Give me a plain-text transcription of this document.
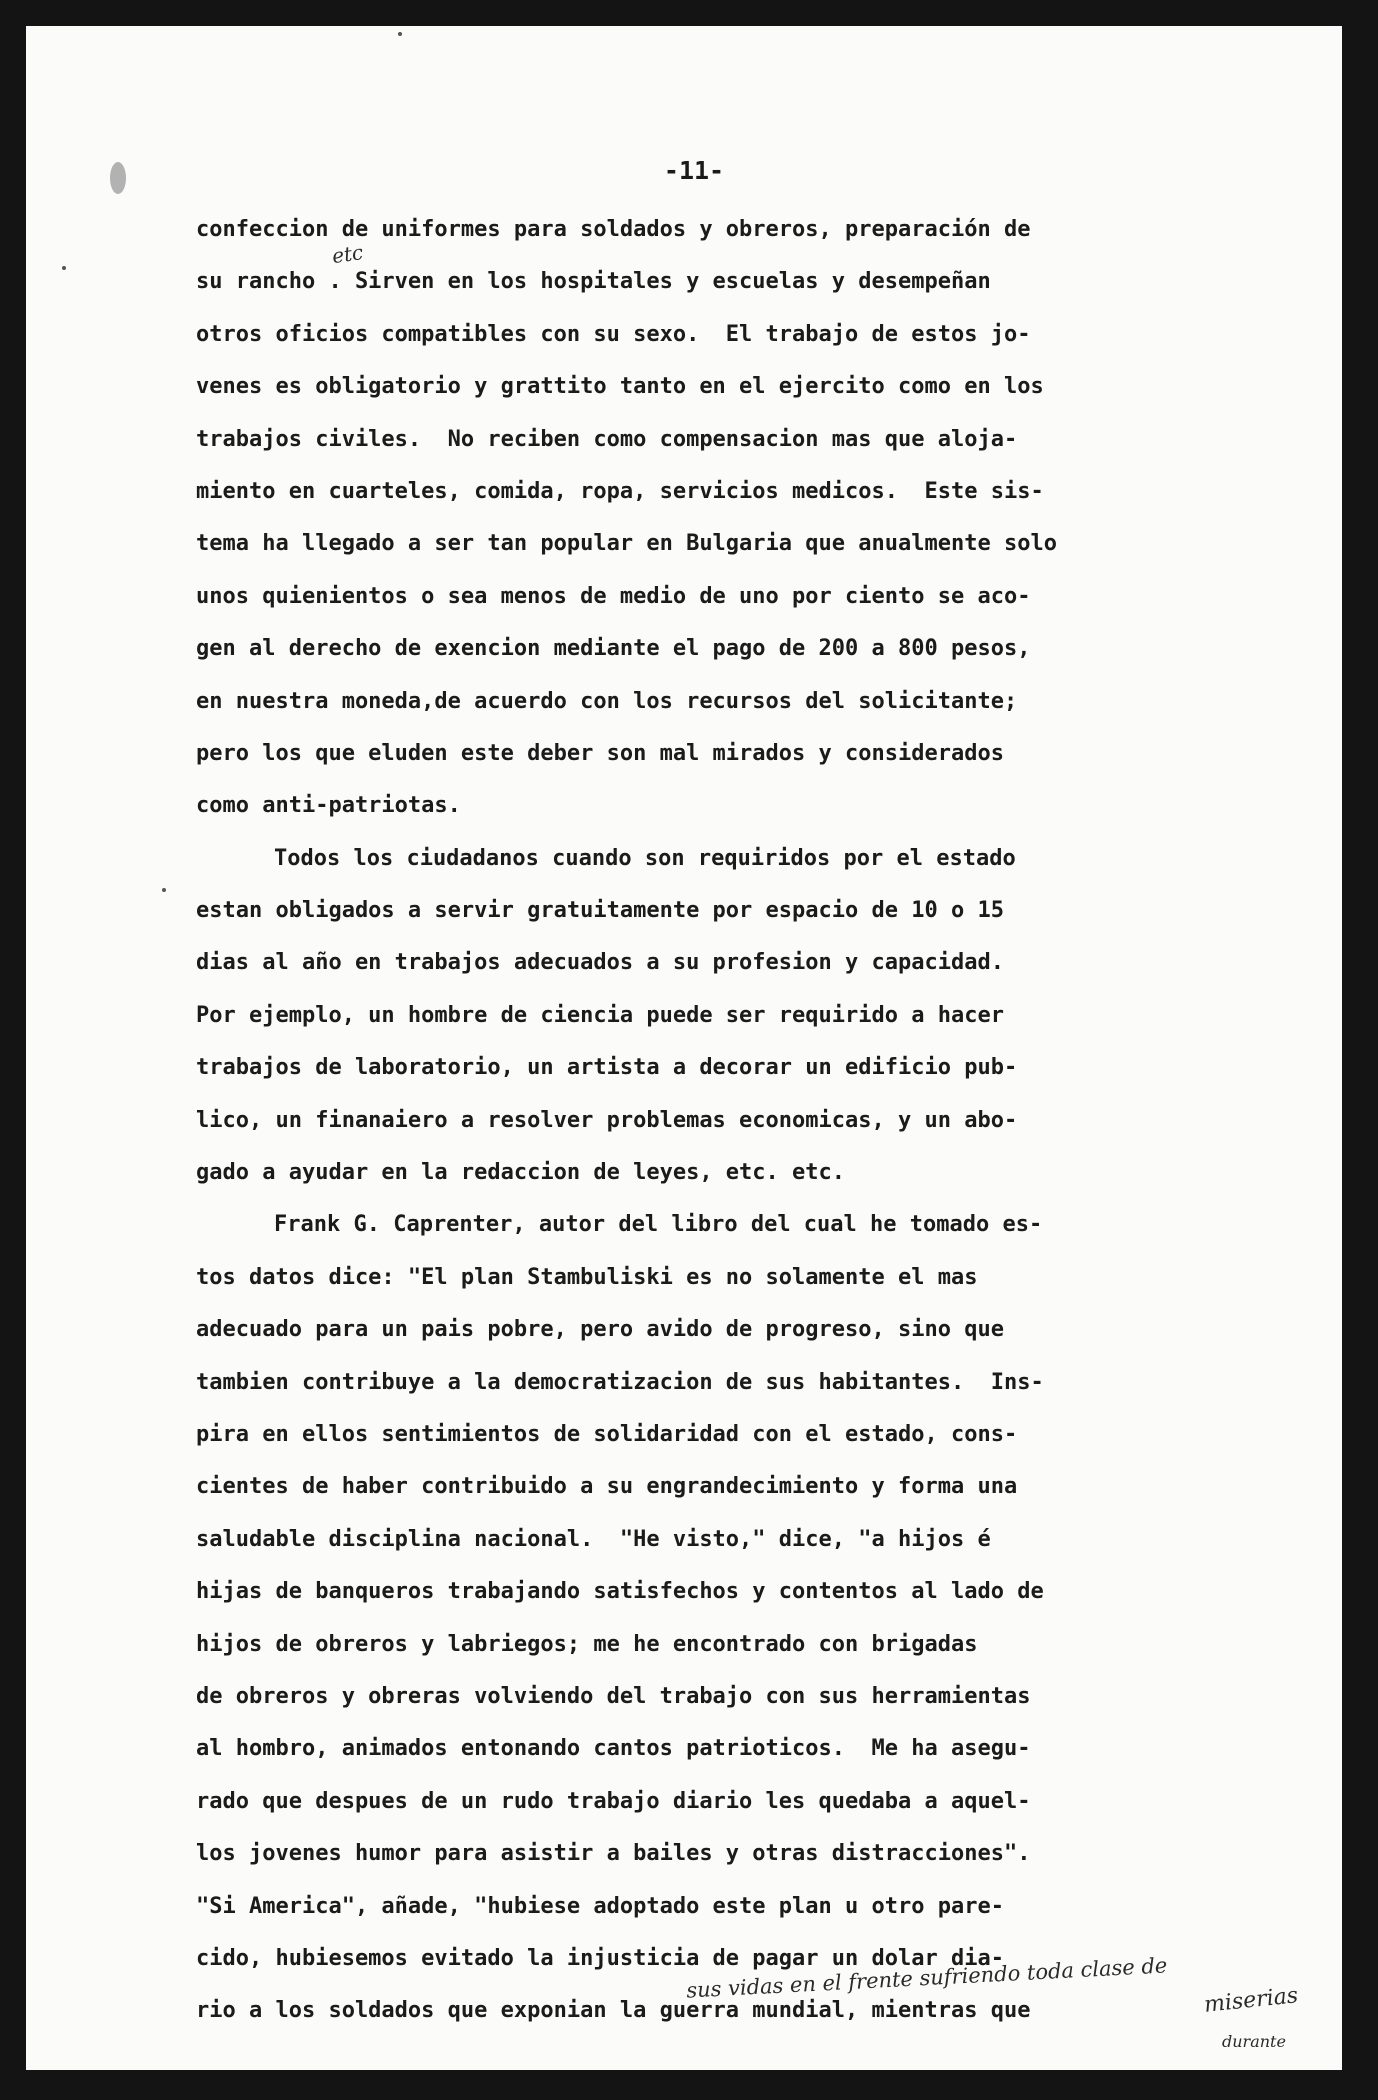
-11-
confeccion de uniformes para soldados y obreros, preparación de
su rancho . Sirven en los hospitales y escuelas y desempeñan
otros oficios compatibles con su sexo.  El trabajo de estos jo-
venes es obligatorio y grattito tanto en el ejercito como en los
trabajos civiles.  No reciben como compensacion mas que aloja-
miento en cuarteles, comida, ropa, servicios medicos.  Este sis-
tema ha llegado a ser tan popular en Bulgaria que anualmente solo
unos quienientos o sea menos de medio de uno por ciento se aco-
gen al derecho de exencion mediante el pago de 200 a 800 pesos,
en nuestra moneda,de acuerdo con los recursos del solicitante;
pero los que eluden este deber son mal mirados y considerados
como anti-patriotas.
Todos los ciudadanos cuando son requiridos por el estado
estan obligados a servir gratuitamente por espacio de 10 o 15
dias al año en trabajos adecuados a su profesion y capacidad.
Por ejemplo, un hombre de ciencia puede ser requirido a hacer
trabajos de laboratorio, un artista a decorar un edificio pub-
lico, un finanaiero a resolver problemas economicas, y un abo-
gado a ayudar en la redaccion de leyes, etc. etc.
Frank G. Caprenter, autor del libro del cual he tomado es-
tos datos dice: "El plan Stambuliski es no solamente el mas
adecuado para un pais pobre, pero avido de progreso, sino que
tambien contribuye a la democratizacion de sus habitantes.  Ins-
pira en ellos sentimientos de solidaridad con el estado, cons-
cientes de haber contribuido a su engrandecimiento y forma una
saludable disciplina nacional.  "He visto," dice, "a hijos é
hijas de banqueros trabajando satisfechos y contentos al lado de
hijos de obreros y labriegos; me he encontrado con brigadas
de obreros y obreras volviendo del trabajo con sus herramientas
al hombro, animados entonando cantos patrioticos.  Me ha asegu-
rado que despues de un rudo trabajo diario les quedaba a aquel-
los jovenes humor para asistir a bailes y otras distracciones".
"Si America", añade, "hubiese adoptado este plan u otro pare-
cido, hubiesemos evitado la injusticia de pagar un dolar dia-
rio a los soldados que exponian la guerra mundial, mientras que
etc
sus vidas en el frente sufriendo toda clase de miserias
durante
